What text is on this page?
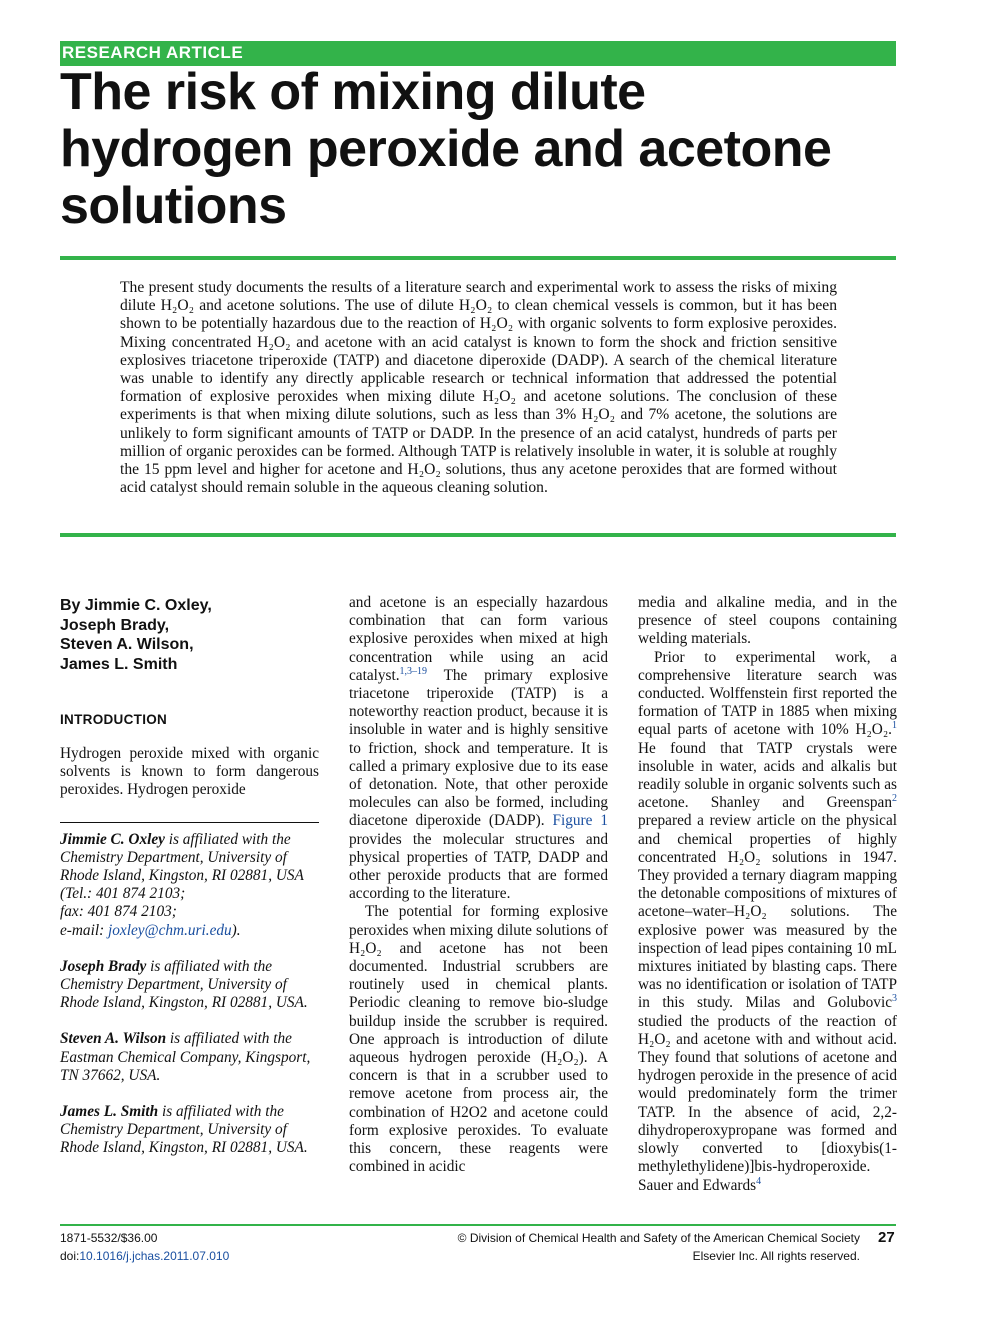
RESEARCH ARTICLE
The risk of mixing dilute hydrogen peroxide and acetone solutions

The present study documents the results of a literature search and experimental work to assess the risks of mixing dilute H₂O₂ and acetone solutions. The use of dilute H₂O₂ to clean chemical vessels is common, but it has been shown to be potentially hazardous due to the reaction of H₂O₂ with organic solvents to form explosive peroxides. Mixing concentrated H₂O₂ and acetone with an acid catalyst is known to form the shock and friction sensitive explosives triacetone triperoxide (TATP) and diacetone diperoxide (DADP). A search of the chemical literature was unable to identify any directly applicable research or technical information that addressed the potential formation of explosive peroxides when mixing dilute H₂O₂ and acetone solutions. The conclusion of these experiments is that when mixing dilute solutions, such as less than 3% H₂O₂ and 7% acetone, the solutions are unlikely to form significant amounts of TATP or DADP. In the presence of an acid catalyst, hundreds of parts per million of organic peroxides can be formed. Although TATP is relatively insoluble in water, it is soluble at roughly the 15 ppm level and higher for acetone and H₂O₂ solutions, thus any acetone peroxides that are formed without acid catalyst should remain soluble in the aqueous cleaning solution.

By Jimmie C. Oxley,
Joseph Brady,
Steven A. Wilson,
James L. Smith
INTRODUCTION

Hydrogen peroxide mixed with organic solvents is known to form dangerous peroxides. Hydrogen peroxide

Jimmie C. Oxley is affiliated with the Chemistry Department, University of Rhode Island, Kingston, RI 02881, USA (Tel.: 401 874 2103;
fax: 401 874 2103;
e-mail: joxley@chm.uri.edu).
Joseph Brady is affiliated with the Chemistry Department, University of Rhode Island, Kingston, RI 02881, USA.
Steven A. Wilson is affiliated with the Eastman Chemical Company, Kingsport, TN 37662, USA.
James L. Smith is affiliated with the Chemistry Department, University of Rhode Island, Kingston, RI 02881, USA.

and acetone is an especially hazardous combination that can form various explosive peroxides when mixed at high concentration while using an acid catalyst.$^{1,3-19}$ The primary explosive triacetone triperoxide (TATP) is a noteworthy reaction product, because it is insoluble in water and is highly sensitive to friction, shock and temperature. It is called a primary explosive due to its ease of detonation. Note, that other peroxide molecules can also be formed, including diacetone diperoxide (DADP). Figure 1 provides the molecular structures and physical properties of TATP, DADP and other peroxide products that are formed according to the literature.

The potential for forming explosive peroxides when mixing dilute solutions of H₂O₂ and acetone has not been documented. Industrial scrubbers are routinely used in chemical plants. Periodic cleaning to remove bio-sludge buildup inside the scrubber is required. One approach is introduction of dilute aqueous hydrogen peroxide (H₂O₂). A concern is that in a scrubber used to remove acetone from process air, the combination of H2O2 and acetone could form explosive peroxides. To evaluate this concern, these reagents were combined in acidic

media and alkaline media, and in the presence of steel coupons containing welding materials.

Prior to experimental work, a comprehensive literature search was conducted. Wolffenstein first reported the formation of TATP in 1885 when mixing equal parts of acetone with 10% H₂O₂.$^1$ He found that TATP crystals were insoluble in water, acids and alkalis but readily soluble in organic solvents such as acetone. Shanley and Greenspan$^2$ prepared a review article on the physical and chemical properties of highly concentrated H₂O₂ solutions in 1947. They provided a ternary diagram mapping the detonable compositions of mixtures of acetone–water–H₂O₂ solutions. The explosive power was measured by the inspection of lead pipes containing 10 mL mixtures initiated by blasting caps. There was no identification or isolation of TATP in this study. Milas and Golubovic$^3$ studied the products of the reaction of H₂O₂ and acetone with and without acid. They found that solutions of acetone and hydrogen peroxide in the presence of acid would predominately form the trimer TATP. In the absence of acid, 2,2-dihydroperoxypropane was formed and slowly converted to [dioxybis(1-methylethylidene)]bis-hydroperoxide. Sauer and Edwards$^4$

1871-5532/$36.00
doi:10.1016/j.jchas.2011.07.010
© Division of Chemical Health and Safety of the American Chemical Society
Elsevier Inc. All rights reserved.
27
